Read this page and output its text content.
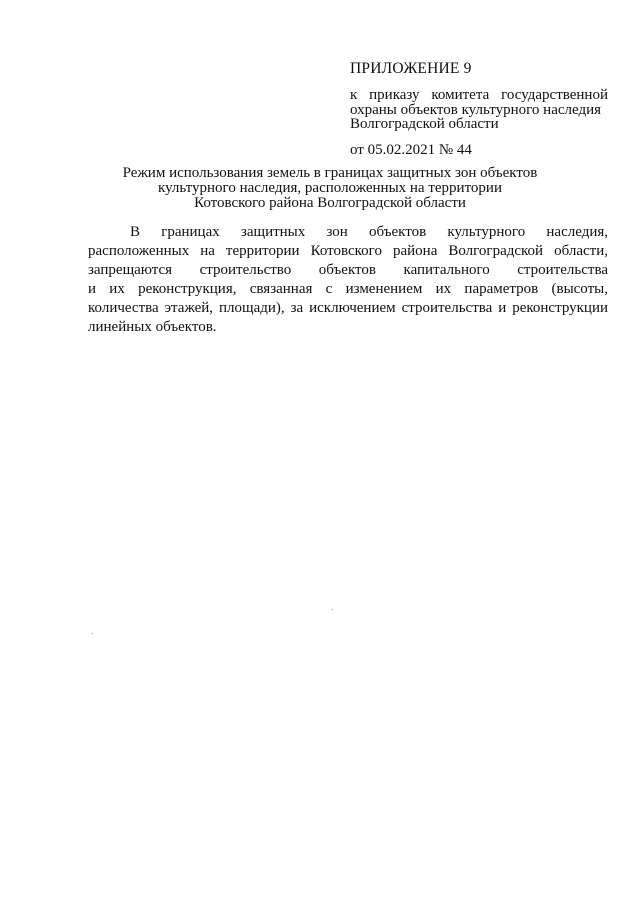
ПРИЛОЖЕНИЕ 9
к приказу комитета государственной
охраны объектов культурного наследия
Волгоградской области
от 05.02.2021 № 44
Режим использования земель в границах защитных зон объектов
культурного наследия, расположенных на территории
Котовского района Волгоградской области
В границах защитных зон объектов культурного наследия,
расположенных на территории Котовского района Волгоградской области,
запрещаются строительство объектов капитального строительства
и их реконструкция, связанная с изменением их параметров (высоты,
количества этажей, площади), за исключением строительства и реконструкции
линейных объектов.
